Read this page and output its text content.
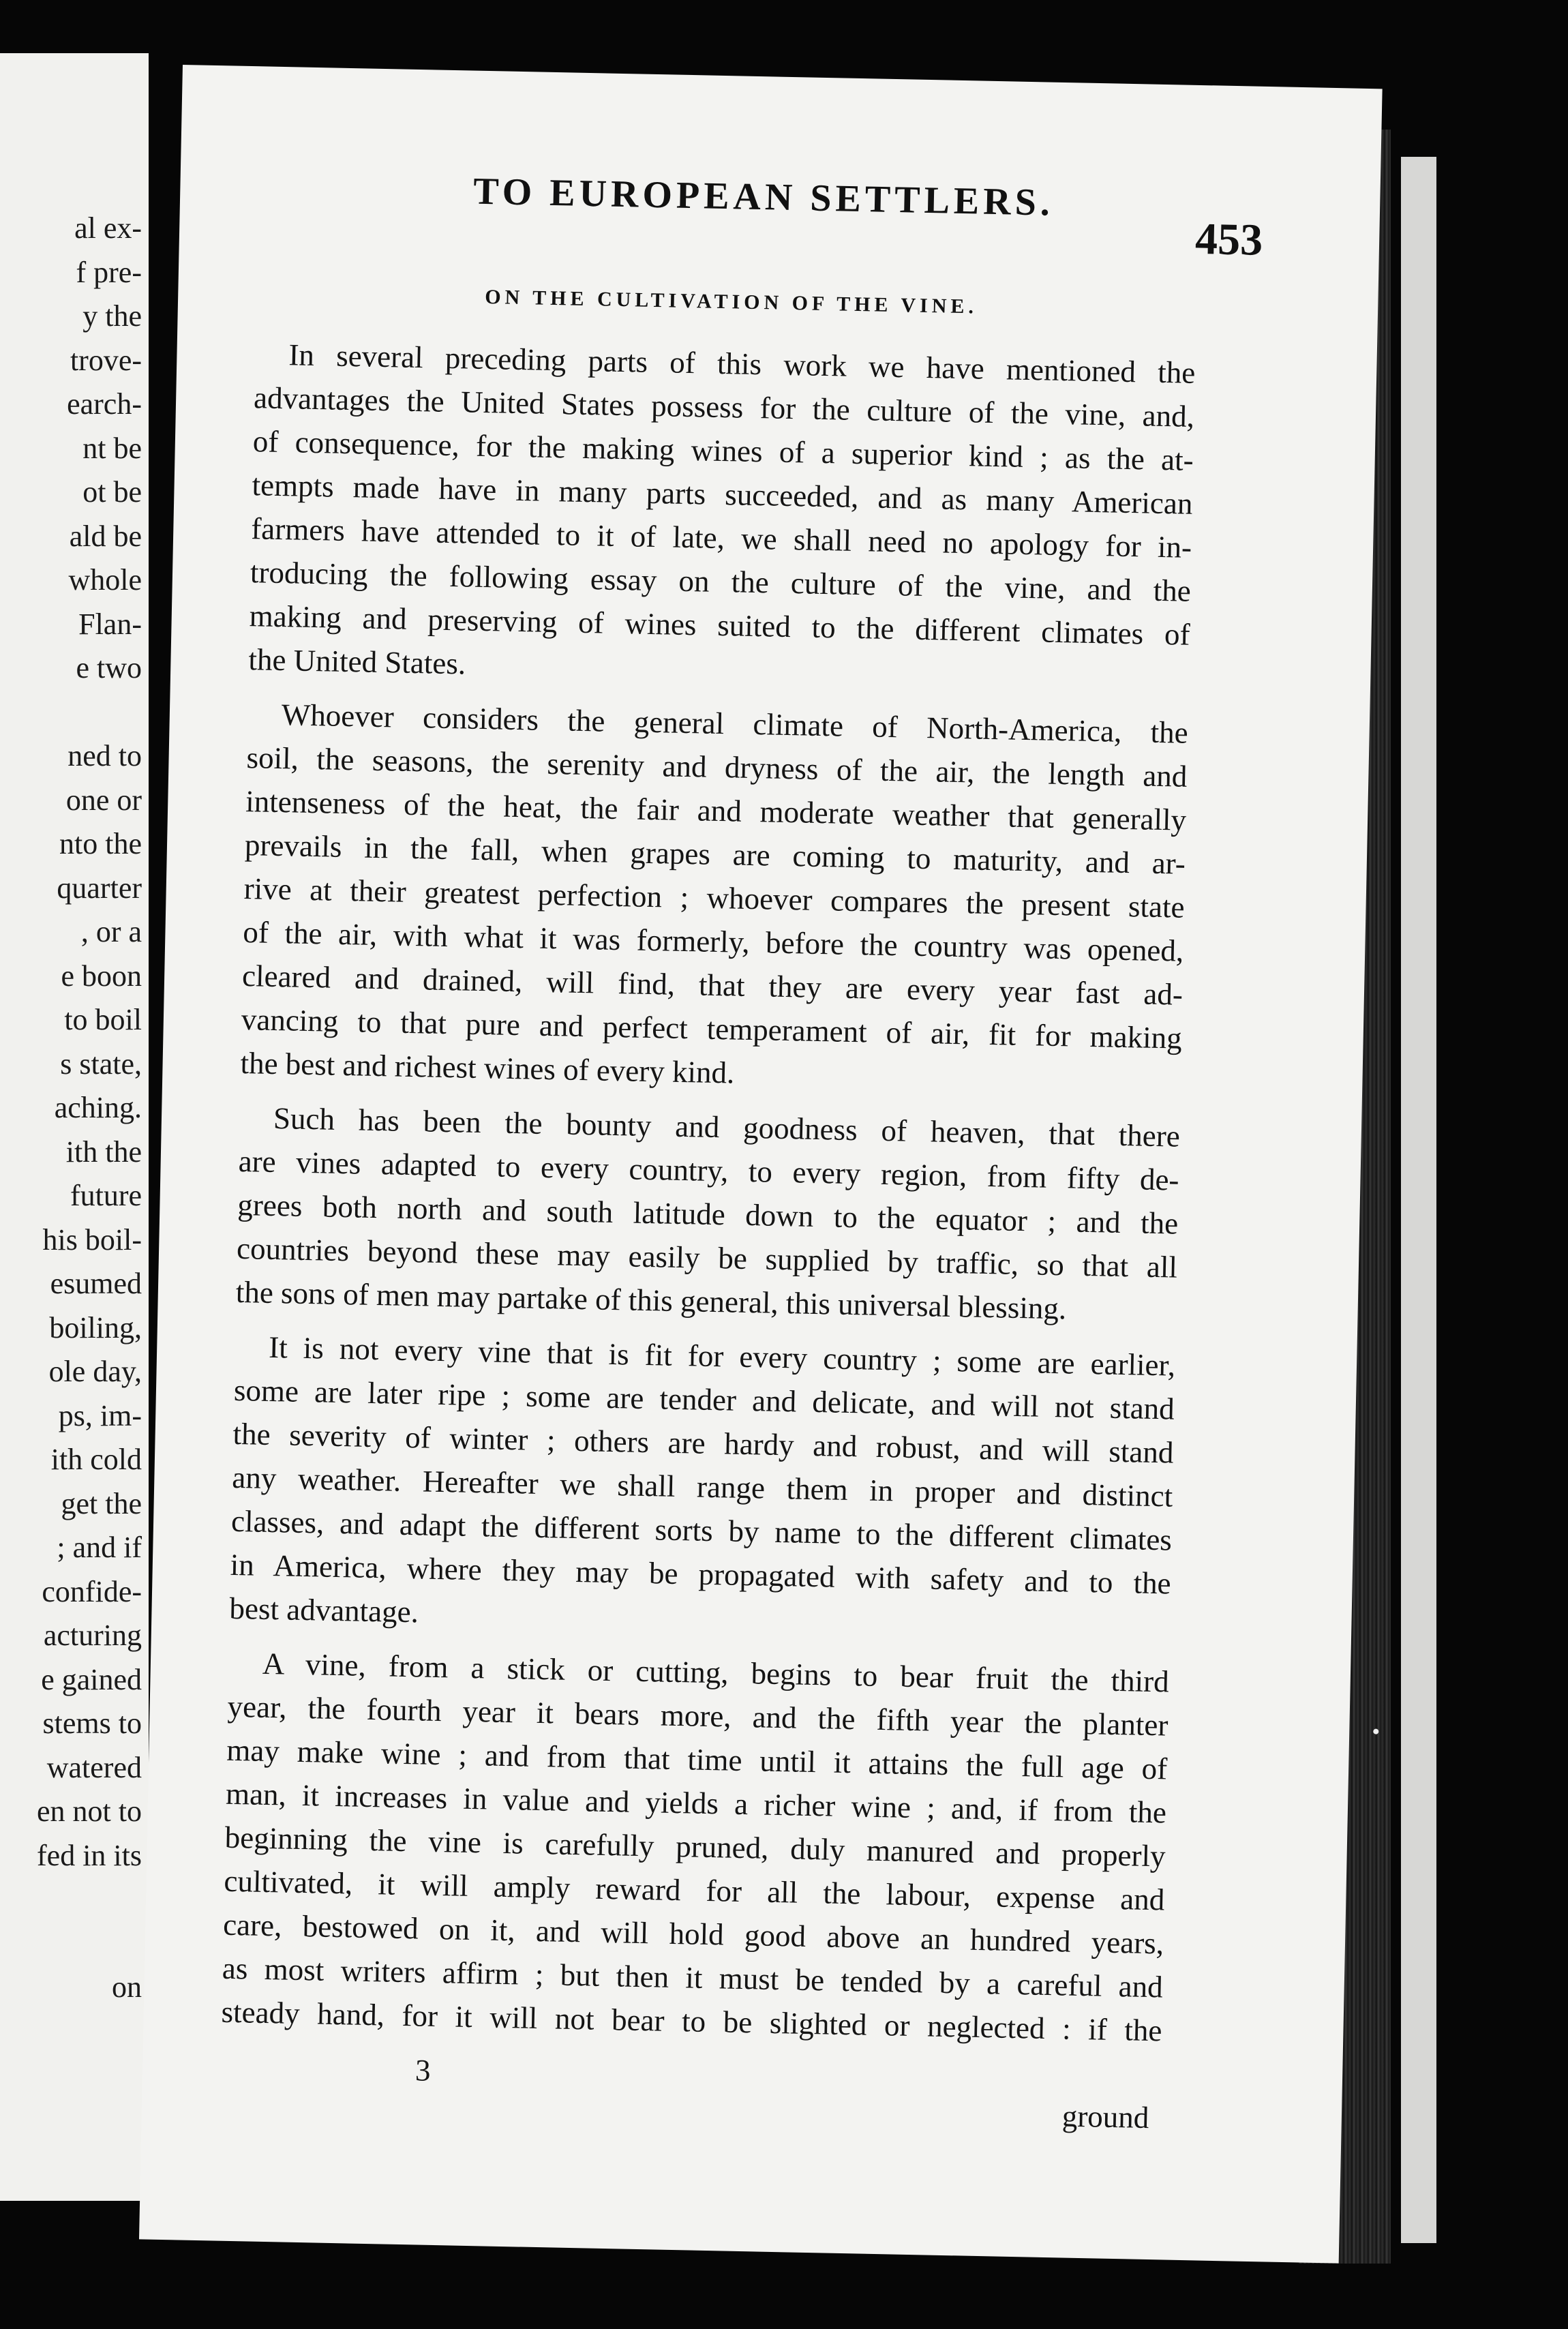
al ex-
f pre-
y the
trove-
earch-
nt be
ot be
ald be
whole
Flan-
e two
ned to
one or
nto the
quarter
, or a
e boon
to boil
s state,
aching.
ith the
future
his boil-
esumed
boiling,
ole day,
ps, im-
ith cold
get the
; and if
confide-
acturing
e gained
stems to
watered
en not to
fed in its
on
TO EUROPEAN SETTLERS.
453
ON THE CULTIVATION OF THE VINE.
In several preceding parts of this work we have mentioned the
advantages the United States possess for the culture of the vine, and,
of consequence, for the making wines of a superior kind ; as the at-
tempts made have in many parts succeeded, and as many American
farmers have attended to it of late, we shall need no apology for in-
troducing the following essay on the culture of the vine, and the
making and preserving of wines suited to the different climates of
the United States.
Whoever considers the general climate of North-America, the
soil, the seasons, the serenity and dryness of the air, the length and
intenseness of the heat, the fair and moderate weather that generally
prevails in the fall, when grapes are coming to maturity, and ar-
rive at their greatest perfection ; whoever compares the present state
of the air, with what it was formerly, before the country was opened,
cleared and drained, will find, that they are every year fast ad-
vancing to that pure and perfect temperament of air, fit for making
the best and richest wines of every kind.
Such has been the bounty and goodness of heaven, that there
are vines adapted to every country, to every region, from fifty de-
grees both north and south latitude down to the equator ; and the
countries beyond these may easily be supplied by traffic, so that all
the sons of men may partake of this general, this universal blessing.
It is not every vine that is fit for every country ; some are earlier,
some are later ripe ; some are tender and delicate, and will not stand
the severity of winter ; others are hardy and robust, and will stand
any weather. Hereafter we shall range them in proper and distinct
classes, and adapt the different sorts by name to the different climates
in America, where they may be propagated with safety and to the
best advantage.
A vine, from a stick or cutting, begins to bear fruit the third
year, the fourth year it bears more, and the fifth year the planter
may make wine ; and from that time until it attains the full age of
man, it increases in value and yields a richer wine ; and, if from the
beginning the vine is carefully pruned, duly manured and properly
cultivated, it will amply reward for all the labour, expense and
care, bestowed on it, and will hold good above an hundred years,
as most writers affirm ; but then it must be tended by a careful and
steady hand, for it will not bear to be slighted or neglected : if the
3
ground
